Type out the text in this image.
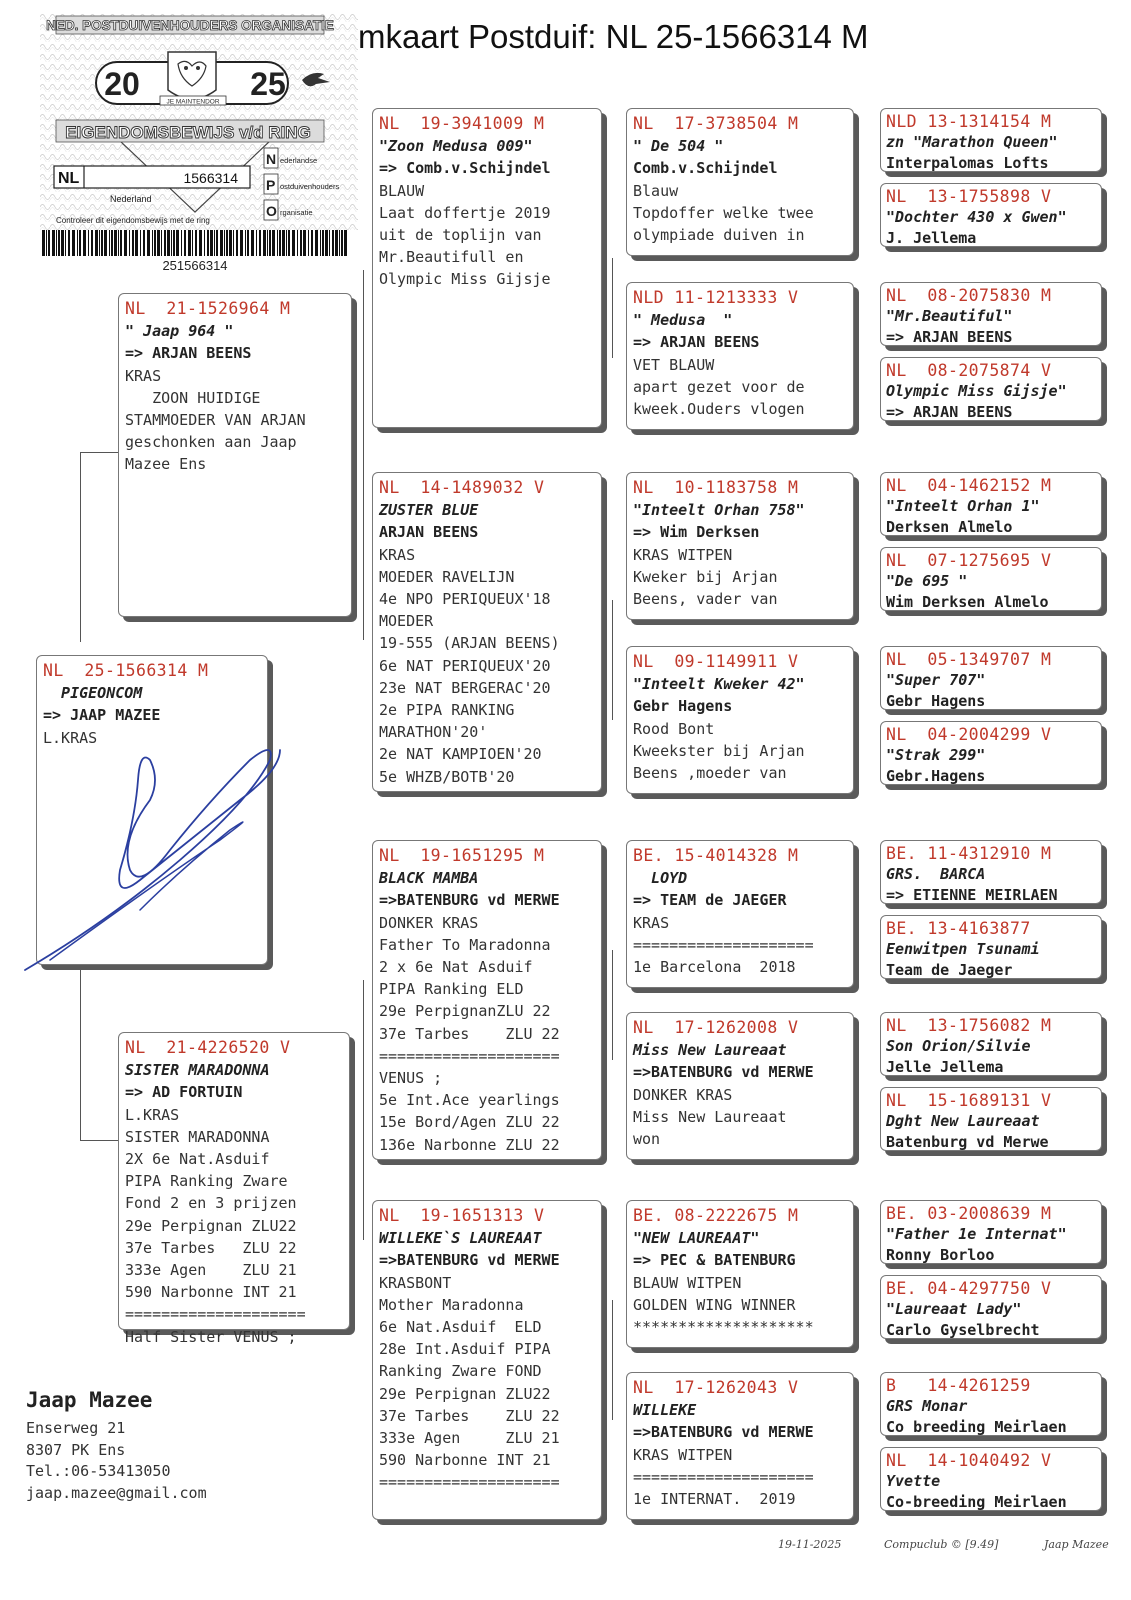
mkaart Postduif: NL 25-1566314 M
NED. POSTDUIVENHOUDERS ORGANISATIE
20	25
JE MAINTENDOR
EIGENDOMSBEWIJS v/d RING
NL	1566314
Nederland
Controleer dit eigendomsbewijs met de ring
N ederlandse
P ostduivenhouders
O rganisatie
251566314
NL  25-1566314 M
PIGEONCOM
=> JAAP MAZEE
L.KRAS
NL  21-1526964 M
" Jaap 964 "
=> ARJAN BEENS
KRAS
ZOON HUIDIGE
STAMMOEDER VAN ARJAN
geschonken aan Jaap
Mazee Ens
NL  21-4226520 V
SISTER MARADONNA
=> AD FORTUIN
L.KRAS
SISTER MARADONNA
2X 6e Nat.Asduif
PIPA Ranking Zware
Fond 2 en 3 prijzen
29e Perpignan ZLU22
37e Tarbes   ZLU 22
333e Agen    ZLU 21
590 Narbonne INT 21
====================
Half Sister VENUS ;
NL  19-3941009 M
"Zoon Medusa 009"
=> Comb.v.Schijndel
BLAUW
Laat doffertje 2019
uit de toplijn van
Mr.Beautifull en
Olympic Miss Gijsje
NL  14-1489032 V
ZUSTER BLUE
ARJAN BEENS
KRAS
MOEDER RAVELIJN
4e NPO PERIQUEUX'18
MOEDER
19-555 (ARJAN BEENS)
6e NAT PERIQUEUX'20
23e NAT BERGERAC'20
2e PIPA RANKING
MARATHON'20'
2e NAT KAMPIOEN'20
5e WHZB/BOTB'20
NL  19-1651295 M
BLACK MAMBA
=>BATENBURG vd MERWE
DONKER KRAS
Father To Maradonna
2 x 6e Nat Asduif
PIPA Ranking ELD
29e PerpignanZLU 22
37e Tarbes    ZLU 22
====================
VENUS ;
5e Int.Ace yearlings
15e Bord/Agen ZLU 22
136e Narbonne ZLU 22
NL  19-1651313 V
WILLEKE`S LAUREAAT
=>BATENBURG vd MERWE
KRASBONT
Mother Maradonna
6e Nat.Asduif  ELD
28e Int.Asduif PIPA
Ranking Zware FOND
29e Perpignan ZLU22
37e Tarbes    ZLU 22
333e Agen     ZLU 21
590 Narbonne INT 21
====================
NL  17-3738504 M
" De 504 "
Comb.v.Schijndel
Blauw
Topdoffer welke twee
olympiade duiven in
NLD 11-1213333 V
" Medusa  "
=> ARJAN BEENS
VET BLAUW
apart gezet voor de
kweek.Ouders vlogen
NL  10-1183758 M
"Inteelt Orhan 758"
=> Wim Derksen
KRAS WITPEN
Kweker bij Arjan
Beens, vader van
NL  09-1149911 V
"Inteelt Kweker 42"
Gebr Hagens
Rood Bont
Kweekster bij Arjan
Beens ,moeder van
BE. 15-4014328 M
LOYD
=> TEAM de JAEGER
KRAS
====================
1e Barcelona  2018
NL  17-1262008 V
Miss New Laureaat
=>BATENBURG vd MERWE
DONKER KRAS
Miss New Laureaat
won
BE. 08-2222675 M
"NEW LAUREAAT"
=> PEC & BATENBURG
BLAUW WITPEN
GOLDEN WING WINNER
********************
NL  17-1262043 V
WILLEKE
=>BATENBURG vd MERWE
KRAS WITPEN
====================
1e INTERNAT.  2019
NLD 13-1314154 M
zn "Marathon Queen"
Interpalomas Lofts
NL  13-1755898 V
"Dochter 430 x Gwen"
J. Jellema
NL  08-2075830 M
"Mr.Beautiful"
=> ARJAN BEENS
NL  08-2075874 V
Olympic Miss Gijsje"
=> ARJAN BEENS
NL  04-1462152 M
"Inteelt Orhan 1"
Derksen Almelo
NL  07-1275695 V
"De 695 "
Wim Derksen Almelo
NL  05-1349707 M
"Super 707"
Gebr Hagens
NL  04-2004299 V
"Strak 299"
Gebr.Hagens
BE. 11-4312910 M
GRS.  BARCA
=> ETIENNE MEIRLAEN
BE. 13-4163877
Eenwitpen Tsunami
Team de Jaeger
NL  13-1756082 M
Son Orion/Silvie
Jelle Jellema
NL  15-1689131 V
Dght New Laureaat
Batenburg vd Merwe
BE. 03-2008639 M
"Father 1e Internat"
Ronny Borloo
BE. 04-4297750 V
"Laureaat Lady"
Carlo Gyselbrecht
B   14-4261259
GRS Monar
Co breeding Meirlaen
NL  14-1040492 V
Yvette
Co-breeding Meirlaen
Jaap Mazee
Enserweg 21
8307 PK Ens
Tel.:06-53413050
jaap.mazee@gmail.com
19-11-2025	Compuclub © [9.49]	Jaap Mazee
